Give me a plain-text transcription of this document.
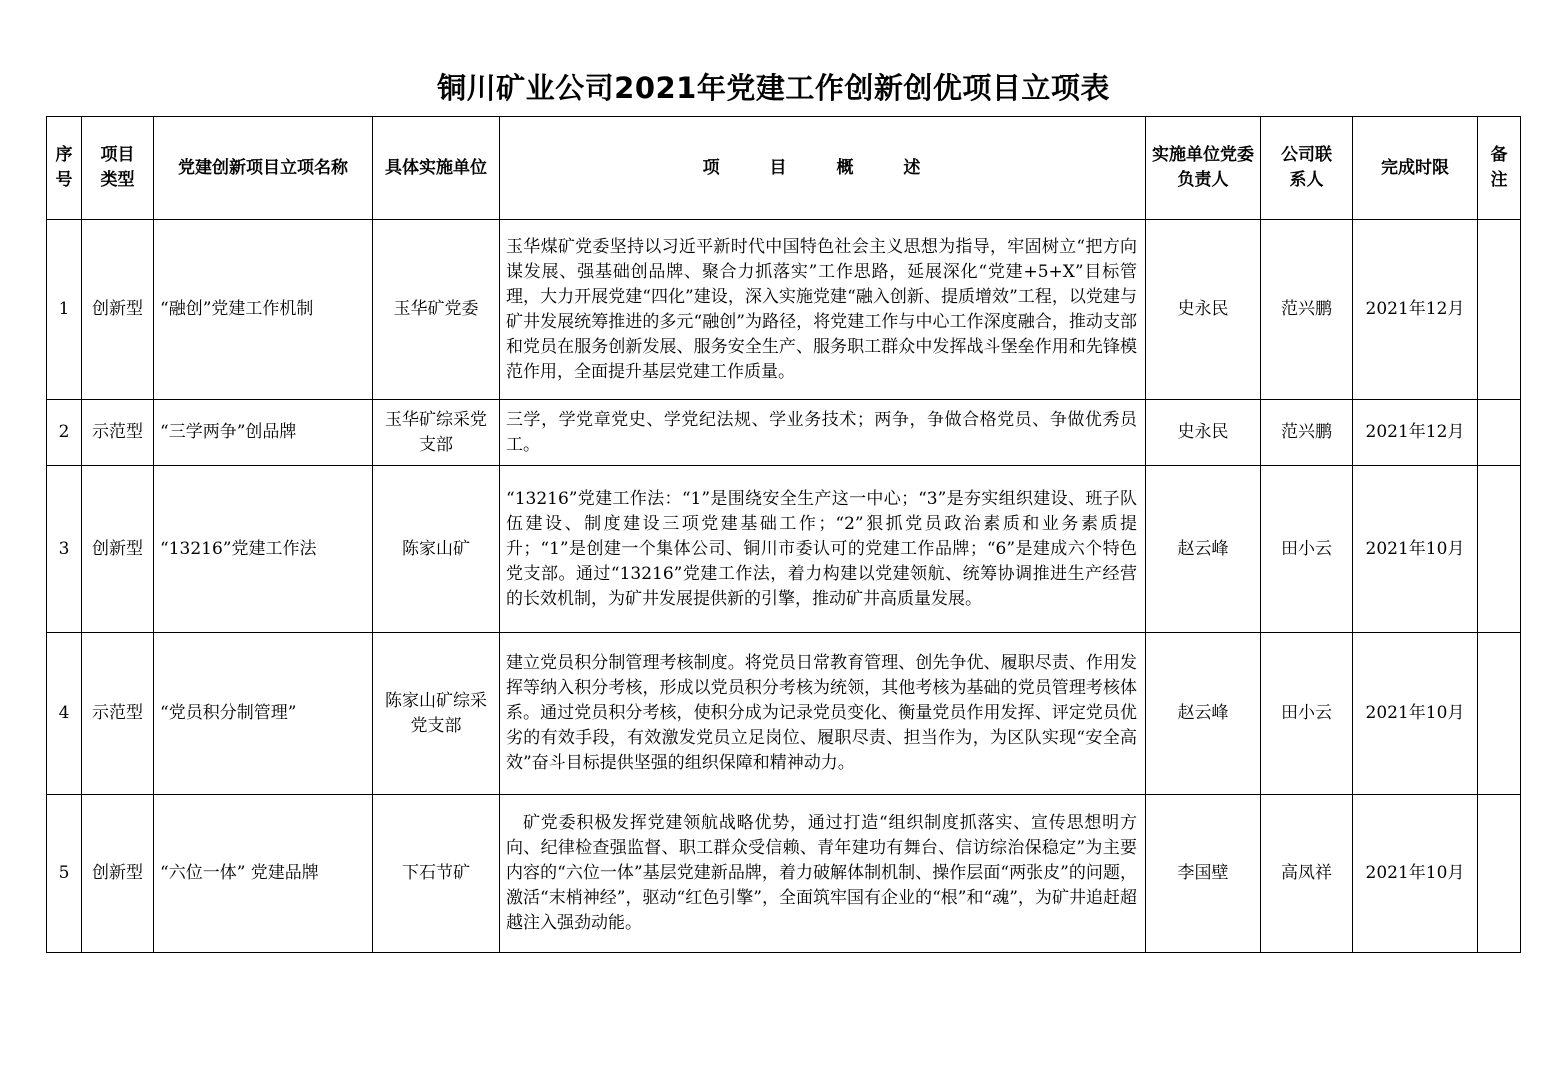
铜川矿业公司2021年党建工作创新创优项目立项表
序号	项目类型	党建创新项目立项名称	具体实施单位	项 目 概 述	实施单位党委负责人	公司联系人	完成时限	备注
1	创新型	“融创”党建工作机制	玉华矿党委	玉华煤矿党委坚持以习近平新时代中国特色社会主义思想为指导，牢固树立“把方向谋发展、强基础创品牌、聚合力抓落实”工作思路，延展深化“党建+5+X”目标管理，大力开展党建“四化”建设，深入实施党建“融入创新、提质增效”工程，以党建与矿井发展统筹推进的多元“融创”为路径，将党建工作与中心工作深度融合，推动支部和党员在服务创新发展、服务安全生产、服务职工群众中发挥战斗堡垒作用和先锋模范作用，全面提升基层党建工作质量。	史永民	范兴鹏	2021年12月	
2	示范型	“三学两争”创品牌	玉华矿综采党支部	三学，学党章党史、学党纪法规、学业务技术；两争，争做合格党员、争做优秀员工。	史永民	范兴鹏	2021年12月	
3	创新型	“13216”党建工作法	陈家山矿	“13216”党建工作法：“1”是围绕安全生产这一中心；“3”是夯实组织建设、班子队伍建设、制度建设三项党建基础工作；“2”狠抓党员政治素质和业务素质提升；“1”是创建一个集体公司、铜川市委认可的党建工作品牌；“6”是建成六个特色党支部。通过“13216”党建工作法，着力构建以党建领航、统筹协调推进生产经营的长效机制，为矿井发展提供新的引擎，推动矿井高质量发展。	赵云峰	田小云	2021年10月	
4	示范型	“党员积分制管理”	陈家山矿综采党支部	建立党员积分制管理考核制度。将党员日常教育管理、创先争优、履职尽责、作用发挥等纳入积分考核，形成以党员积分考核为统领，其他考核为基础的党员管理考核体系。通过党员积分考核，使积分成为记录党员变化、衡量党员作用发挥、评定党员优劣的有效手段，有效激发党员立足岗位、履职尽责、担当作为，为区队实现“安全高效”奋斗目标提供坚强的组织保障和精神动力。	赵云峰	田小云	2021年10月	
5	创新型	“六位一体” 党建品牌	下石节矿	矿党委积极发挥党建领航战略优势，通过打造“组织制度抓落实、宣传思想明方向、纪律检查强监督、职工群众受信赖、青年建功有舞台、信访综治保稳定”为主要内容的“六位一体”基层党建新品牌，着力破解体制机制、操作层面“两张皮”的问题，激活“末梢神经”，驱动“红色引擎”，全面筑牢国有企业的“根”和“魂”，为矿井追赶超越注入强劲动能。	李国壁	高凤祥	2021年10月	
